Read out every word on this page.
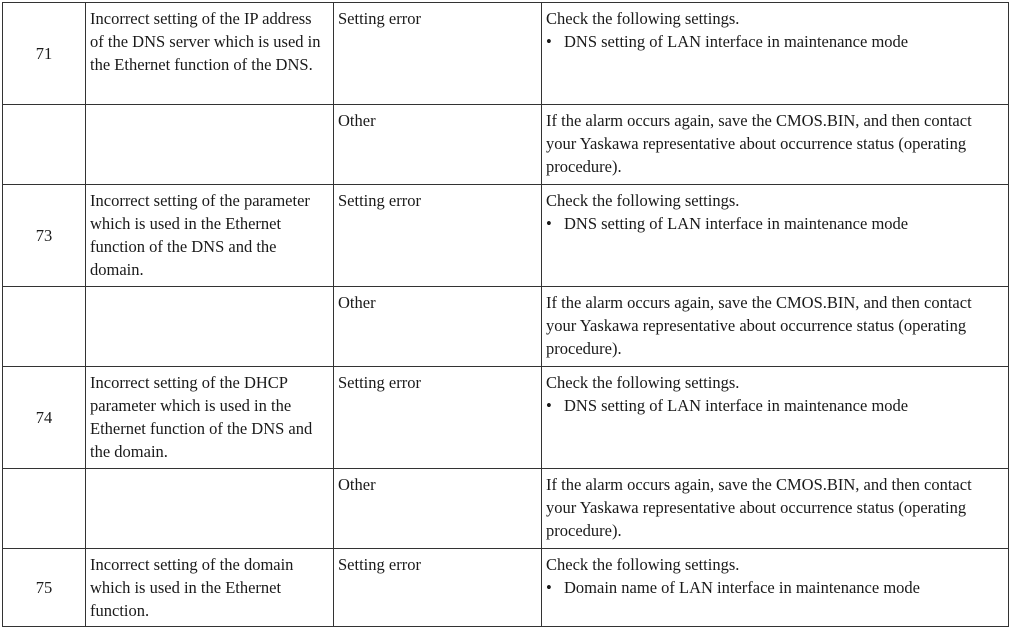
71	Incorrect setting of the IP address of the DNS server which is used in the Ethernet function of the DNS.	Setting error	Check the following settings.
• DNS setting of LAN interface in maintenance mode

		Other	If the alarm occurs again, save the CMOS.BIN, and then contact your Yaskawa representative about occurrence status (operating procedure).
73	Incorrect setting of the parameter which is used in the Ethernet function of the DNS and the domain.	Setting error	Check the following settings.
• DNS setting of LAN interface in maintenance mode

		Other	If the alarm occurs again, save the CMOS.BIN, and then contact your Yaskawa representative about occurrence status (operating procedure).
74	Incorrect setting of the DHCP parameter which is used in the Ethernet function of the DNS and the domain.	Setting error	Check the following settings.
• DNS setting of LAN interface in maintenance mode

		Other	If the alarm occurs again, save the CMOS.BIN, and then contact your Yaskawa representative about occurrence status (operating procedure).
75	Incorrect setting of the domain which is used in the Ethernet function.	Setting error	Check the following settings.
• Domain name of LAN interface in maintenance mode
